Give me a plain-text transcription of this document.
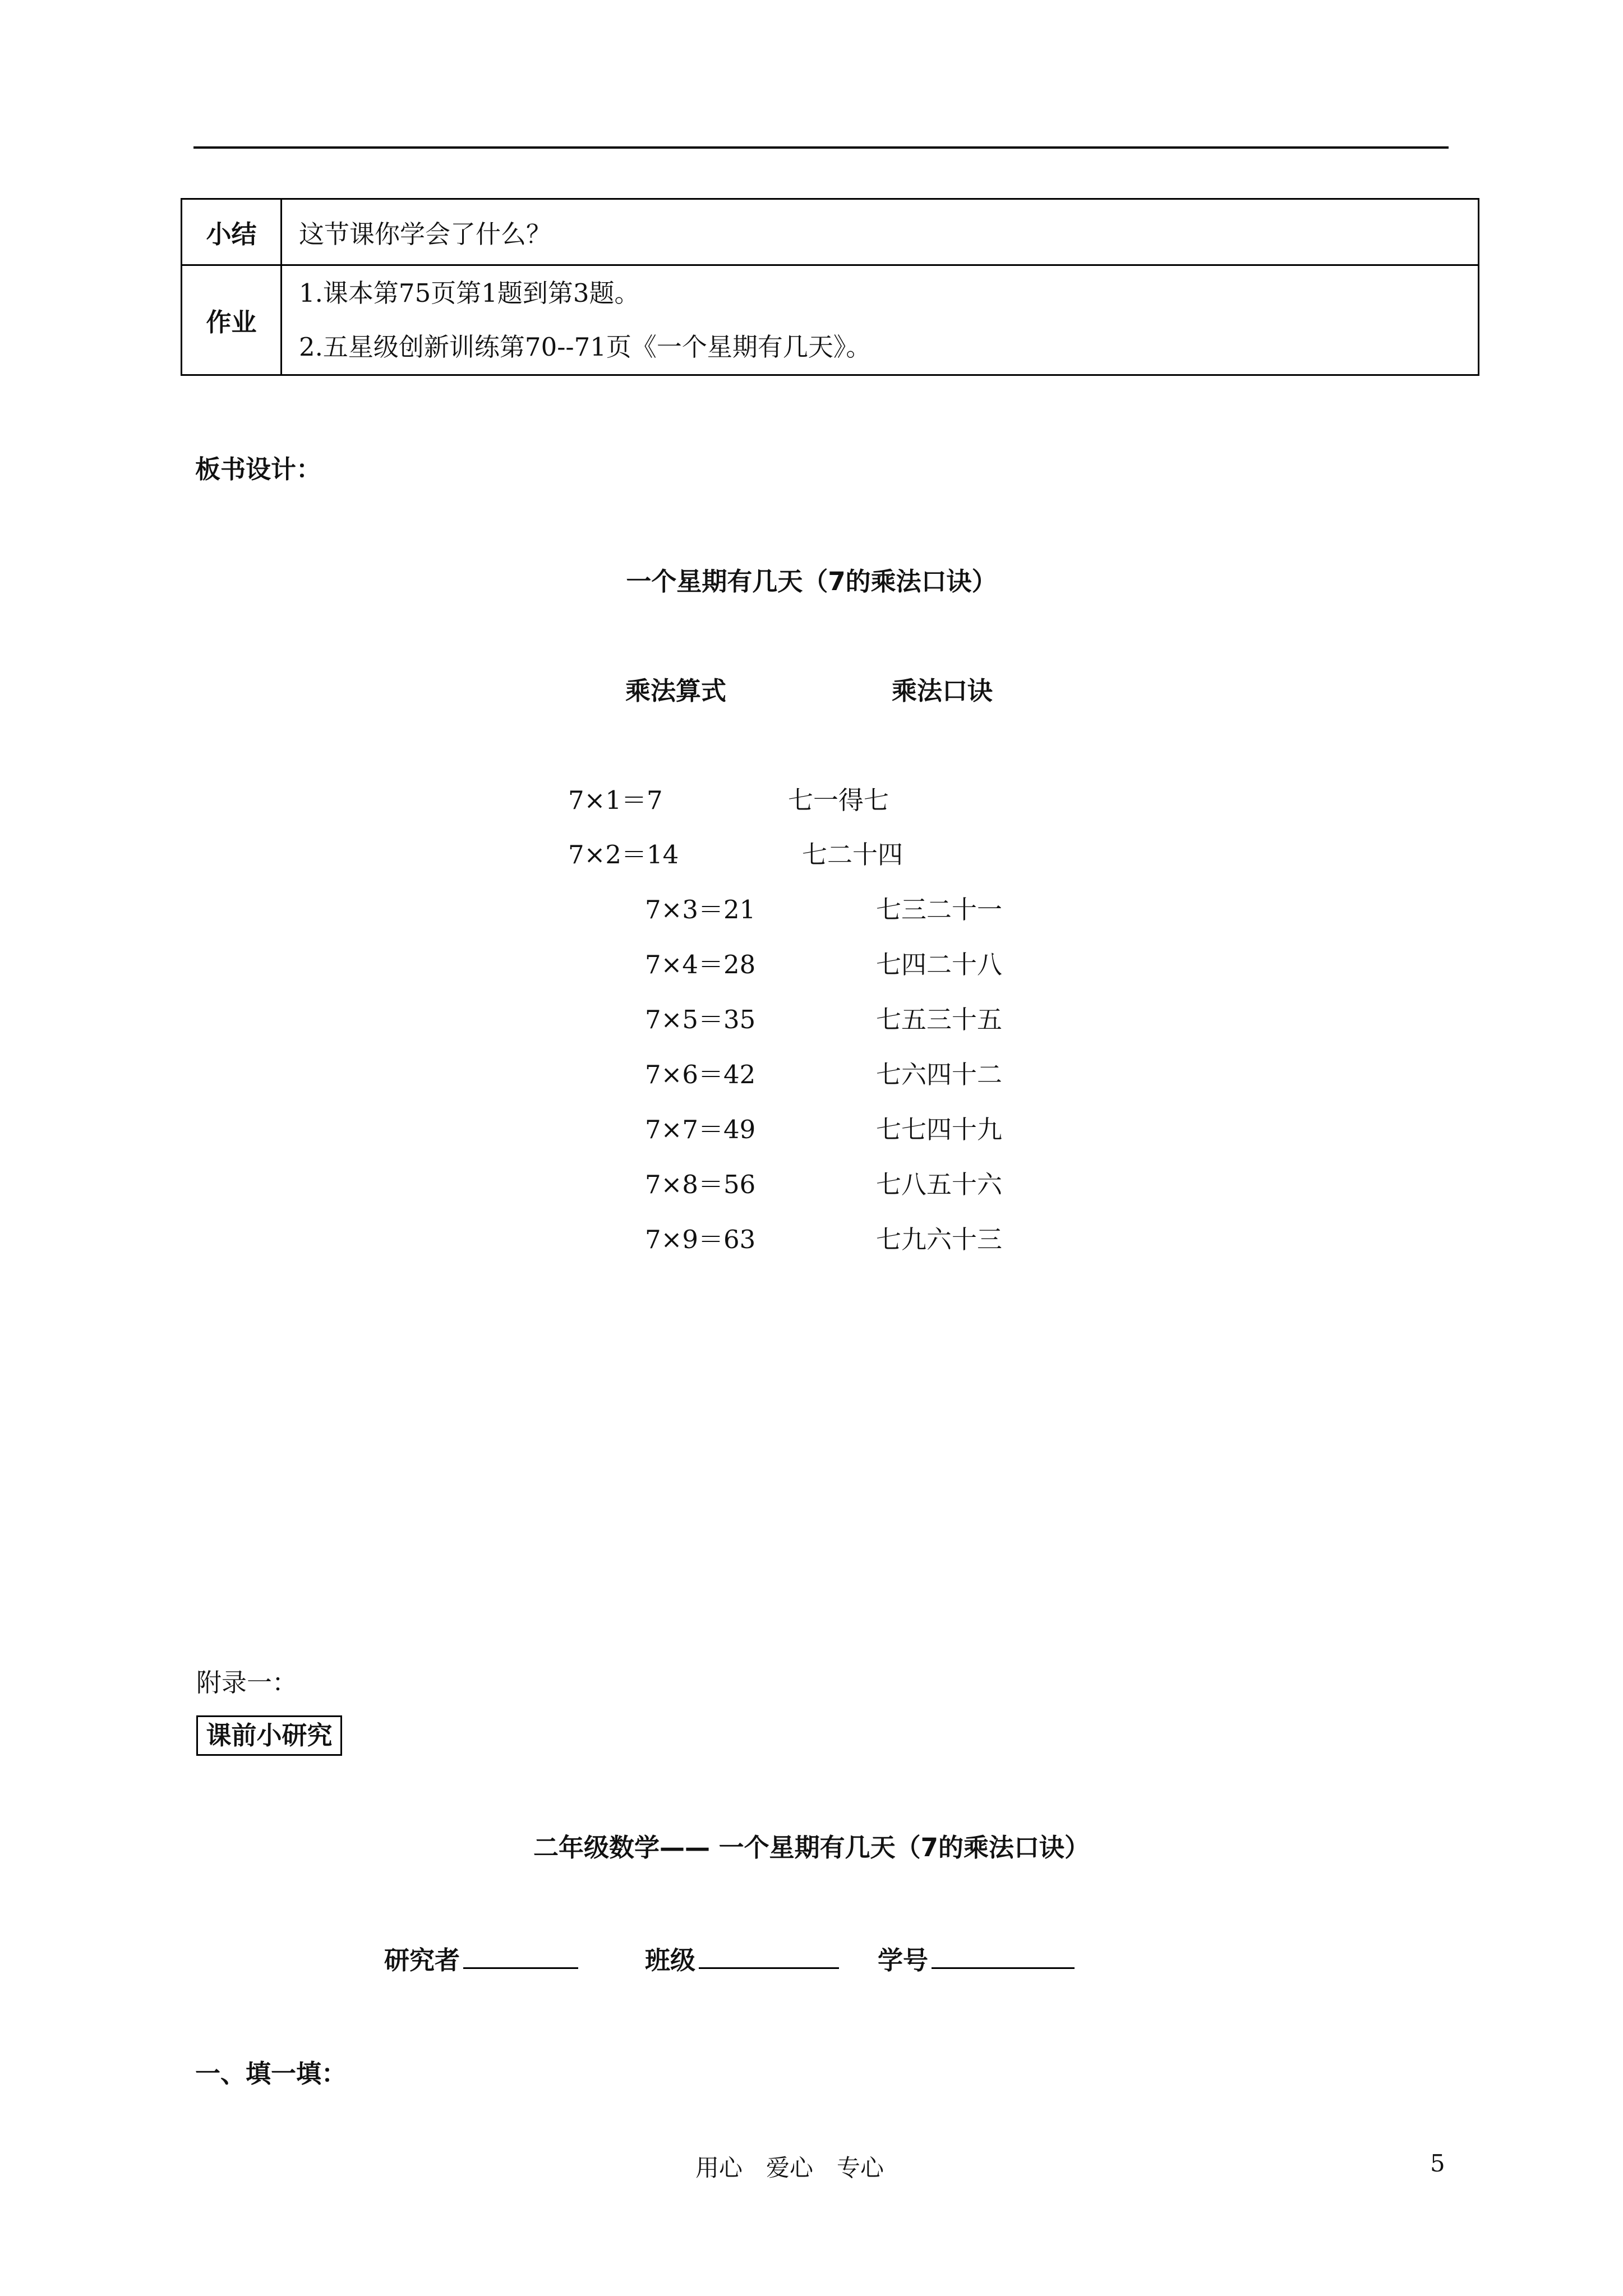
小结	这节课你学会了什么？
作业	1.课本第75页第1题到第3题。
2.五星级创新训练第70--71页《一个星期有几天》。
板书设计：
一个星期有几天（7的乘法口诀）
乘法算式	乘法口诀
7×1＝7	七一得七
7×2＝14	七二十四
7×3＝21	七三二十一
7×4＝28	七四二十八
7×5＝35	七五三十五
7×6＝42	七六四十二
7×7＝49	七七四十九
7×8＝56	七八五十六
7×9＝63	七九六十三
附录一：
课前小研究
二年级数学—— 一个星期有几天（7的乘法口诀）
研究者	班级	学号
一、填一填：
用心　爱心　专心	5
